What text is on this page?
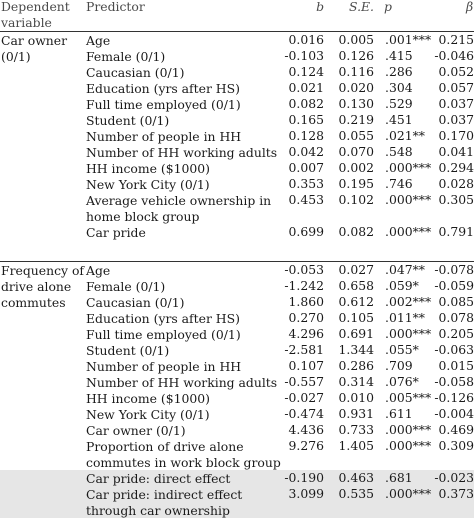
Dependent
variable
Predictor	b S.E. p	β
Car owner
(0/1)
Age	0.016 0.005 .001*** 0.215
Female (0/1)	-0.103 0.126 .415 -0.046
Caucasian (0/1)	0.124 0.116 .286 0.052
Education (yrs after HS)	0.021 0.020 .304 0.057
Full time employed (0/1)	0.082 0.130 .529 0.037
Student (0/1)	0.165 0.219 .451 0.037
Number of people in HH	0.128 0.055 .021** 0.170
Number of HH working adults 0.042 0.070 .548 0.041
HH income ($1000)	0.007 0.002 .000*** 0.294
New York City (0/1)	0.353 0.195 .746 0.028
Average vehicle ownership in home block group
0.453 0.102 .000*** 0.305
Car pride	0.699 0.082 .000*** 0.791
Frequency of
drive alone
commutes
Age	-0.053 0.027 .047** -0.078
Female (0/1)	-1.242 0.658 .059* -0.059
Caucasian (0/1)	1.860 0.612 .002*** 0.085
Education (yrs after HS)	0.270 0.105 .011** 0.078
Full time employed (0/1)	4.296 0.691 .000*** 0.205
Student (0/1)	-2.581 1.344 .055* -0.063
Number of people in HH	0.107 0.286 .709 0.015
Number of HH working adults -0.557 0.314 .076* -0.058
HH income ($1000)	-0.027 0.010 .005*** -0.126
New York City (0/1)	-0.474 0.931 .611 -0.004
Car owner (0/1)	4.436 0.733 .000*** 0.469
Proportion of drive alone commutes in work block group
9.276 1.405 .000*** 0.309
Car pride: direct effect	-0.190 0.463 .681 -0.023
Car pride: indirect effect through car ownership
3.099 0.535 .000*** 0.373
